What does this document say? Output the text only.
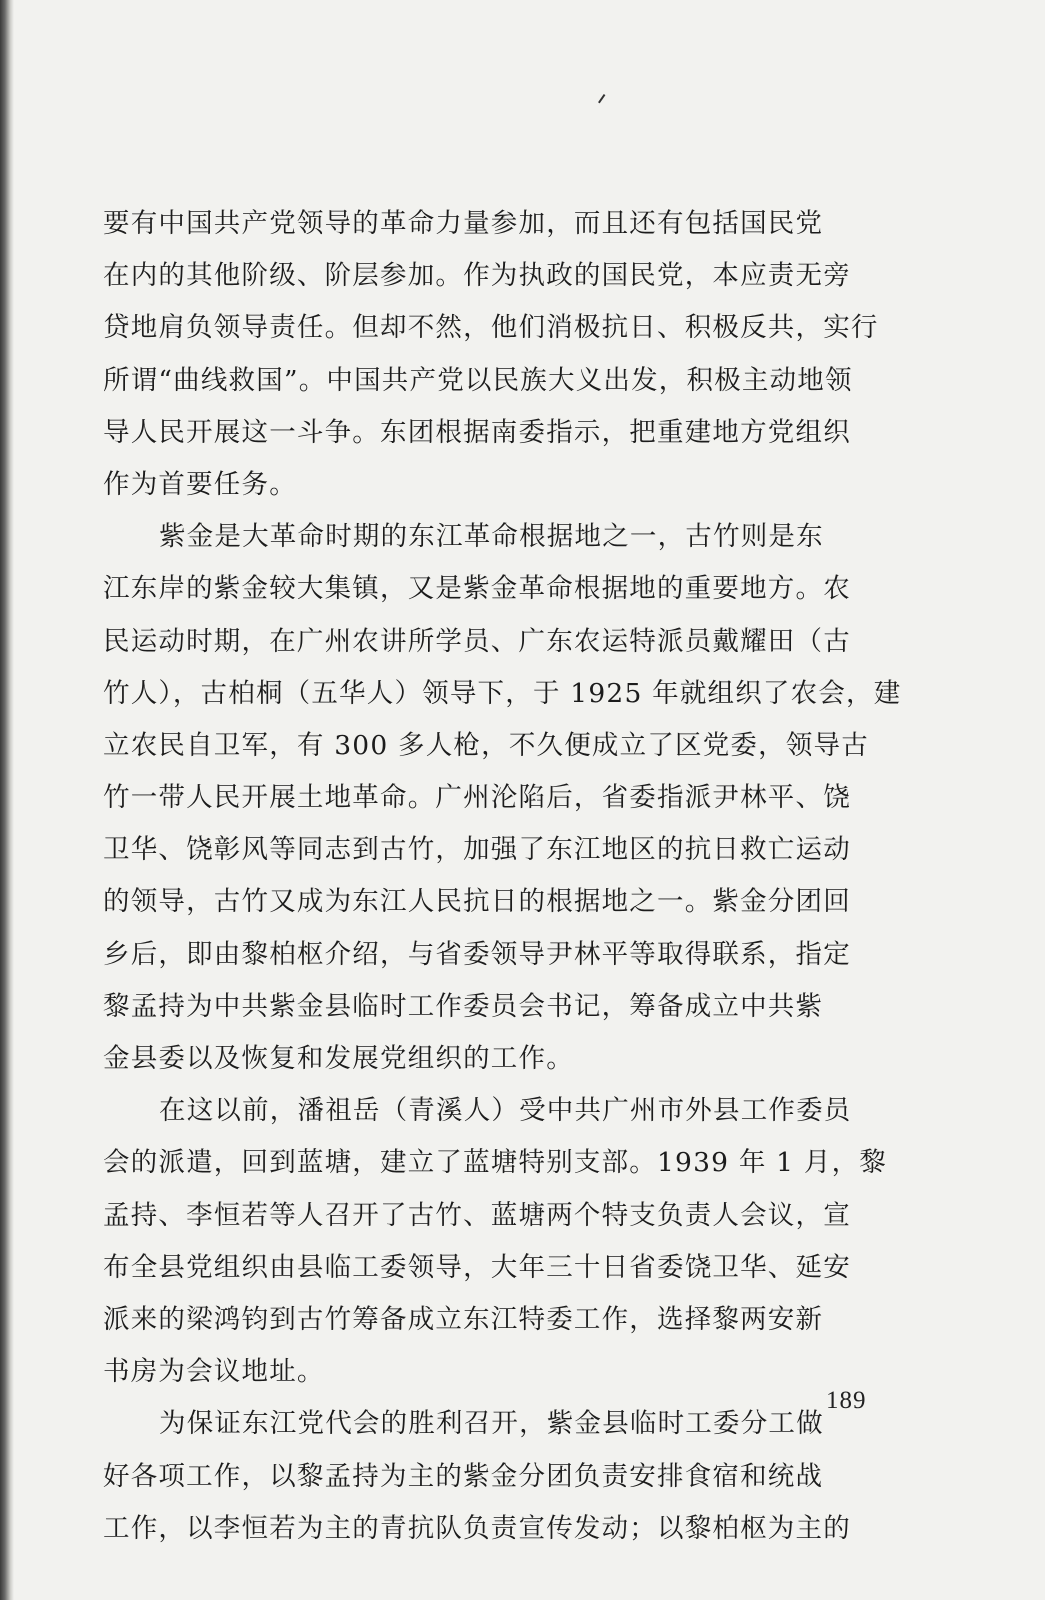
要有中国共产党领导的革命力量参加，而且还有包括国民党
在内的其他阶级、阶层参加。作为执政的国民党，本应责无旁
贷地肩负领导责任。但却不然，他们消极抗日、积极反共，实行
所谓“曲线救国”。中国共产党以民族大义出发，积极主动地领
导人民开展这一斗争。东团根据南委指示，把重建地方党组织
作为首要任务。
紫金是大革命时期的东江革命根据地之一，古竹则是东
江东岸的紫金较大集镇，又是紫金革命根据地的重要地方。农
民运动时期，在广州农讲所学员、广东农运特派员戴耀田（古
竹人），古柏桐（五华人）领导下，于 1925 年就组织了农会，建
立农民自卫军，有 300 多人枪，不久便成立了区党委，领导古
竹一带人民开展土地革命。广州沦陷后，省委指派尹林平、饶
卫华、饶彰风等同志到古竹，加强了东江地区的抗日救亡运动
的领导，古竹又成为东江人民抗日的根据地之一。紫金分团回
乡后，即由黎柏枢介绍，与省委领导尹林平等取得联系，指定
黎孟持为中共紫金县临时工作委员会书记，筹备成立中共紫
金县委以及恢复和发展党组织的工作。
在这以前，潘祖岳（青溪人）受中共广州市外县工作委员
会的派遣，回到蓝塘，建立了蓝塘特别支部。1939 年 1 月，黎
孟持、李恒若等人召开了古竹、蓝塘两个特支负责人会议，宣
布全县党组织由县临工委领导，大年三十日省委饶卫华、延安
派来的梁鸿钧到古竹筹备成立东江特委工作，选择黎两安新
书房为会议地址。
为保证东江党代会的胜利召开，紫金县临时工委分工做
好各项工作，以黎孟持为主的紫金分团负责安排食宿和统战
工作，以李恒若为主的青抗队负责宣传发动；以黎柏枢为主的
189
